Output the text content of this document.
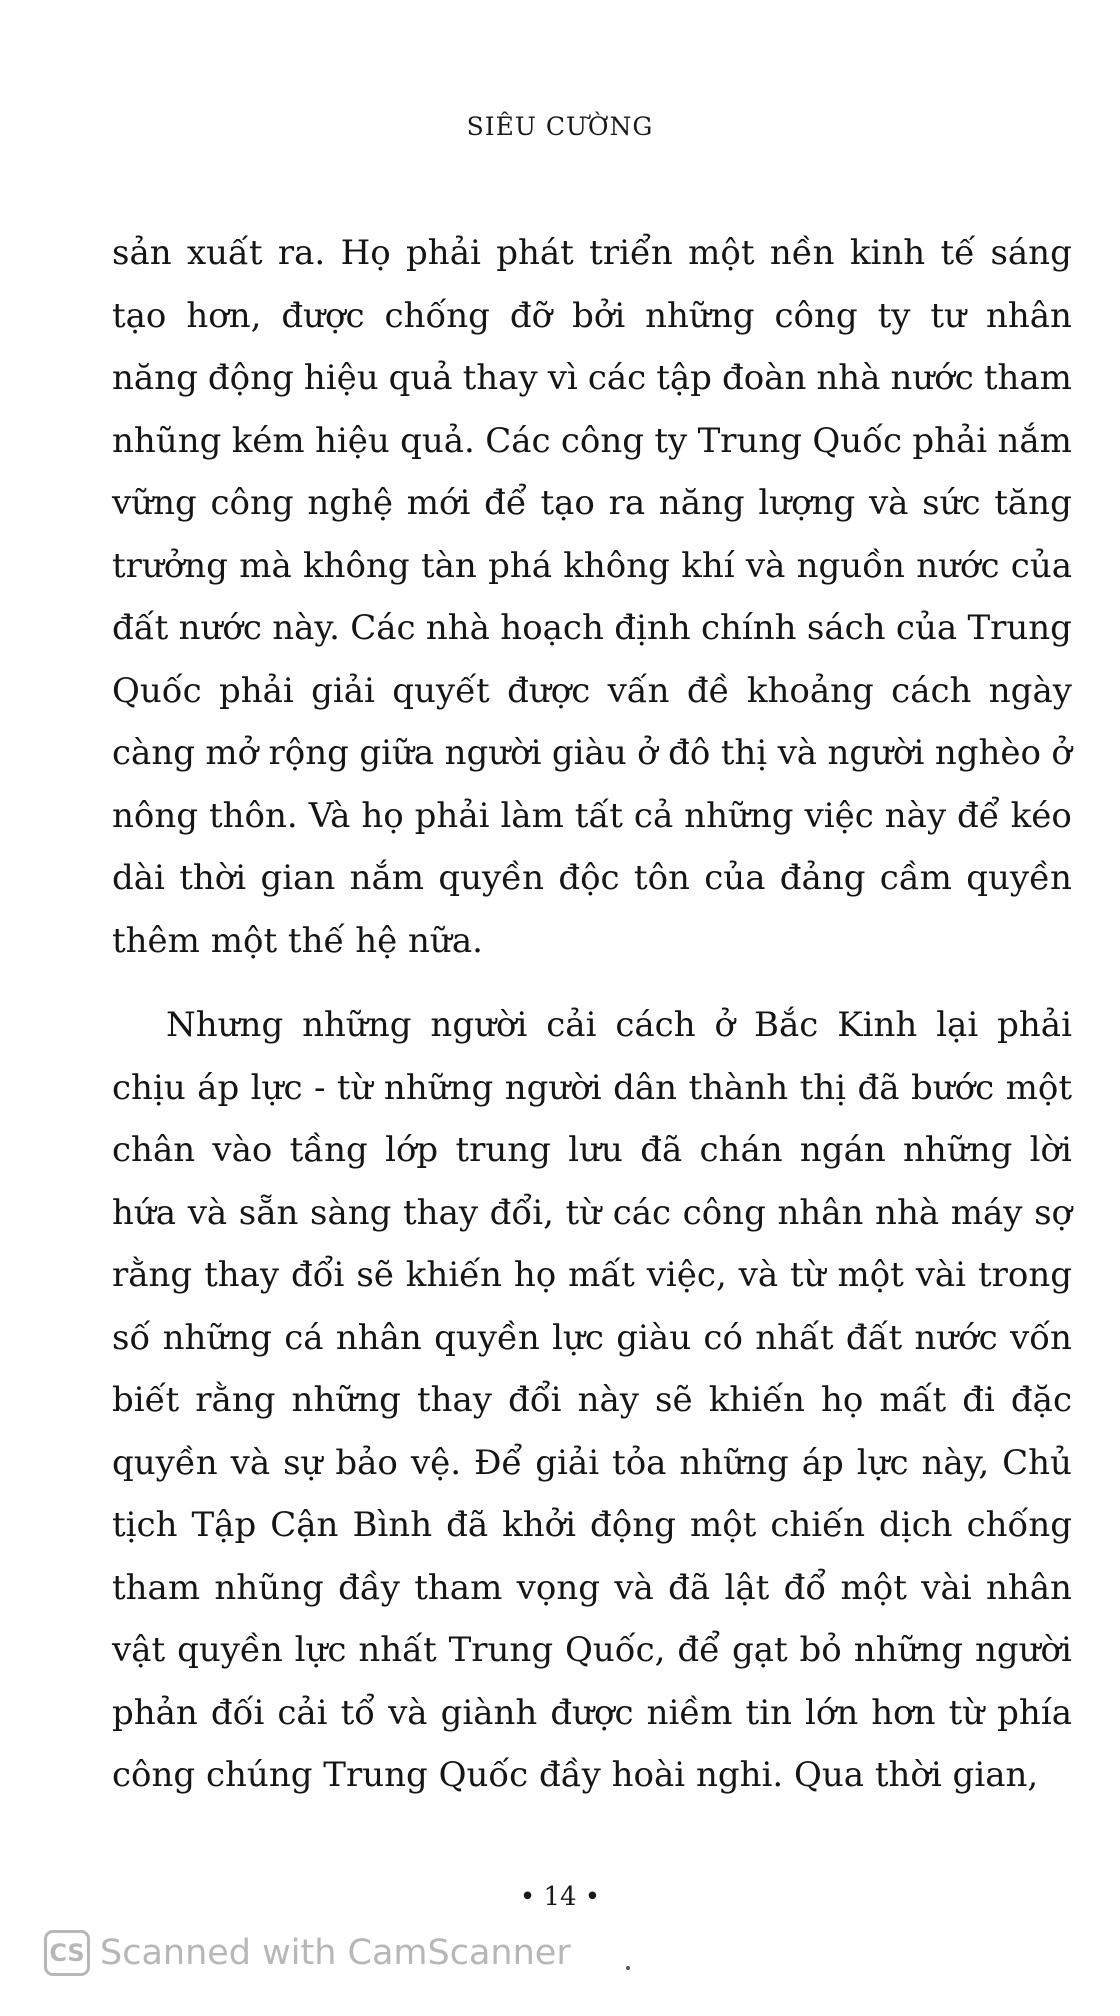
SIÊU CƯỜNG
sản xuất ra. Họ phải phát triển một nền kinh tế sáng
tạo hơn, được chống đỡ bởi những công ty tư nhân
năng động hiệu quả thay vì các tập đoàn nhà nước tham
nhũng kém hiệu quả. Các công ty Trung Quốc phải nắm
vững công nghệ mới để tạo ra năng lượng và sức tăng
trưởng mà không tàn phá không khí và nguồn nước của
đất nước này. Các nhà hoạch định chính sách của Trung
Quốc phải giải quyết được vấn đề khoảng cách ngày
càng mở rộng giữa người giàu ở đô thị và người nghèo ở
nông thôn. Và họ phải làm tất cả những việc này để kéo
dài thời gian nắm quyền độc tôn của đảng cầm quyền
thêm một thế hệ nữa.
Nhưng những người cải cách ở Bắc Kinh lại phải
chịu áp lực - từ những người dân thành thị đã bước một
chân vào tầng lớp trung lưu đã chán ngán những lời
hứa và sẵn sàng thay đổi, từ các công nhân nhà máy sợ
rằng thay đổi sẽ khiến họ mất việc, và từ một vài trong
số những cá nhân quyền lực giàu có nhất đất nước vốn
biết rằng những thay đổi này sẽ khiến họ mất đi đặc
quyền và sự bảo vệ. Để giải tỏa những áp lực này, Chủ
tịch Tập Cận Bình đã khởi động một chiến dịch chống
tham nhũng đầy tham vọng và đã lật đổ một vài nhân
vật quyền lực nhất Trung Quốc, để gạt bỏ những người
phản đối cải tổ và giành được niềm tin lớn hơn từ phía
công chúng Trung Quốc đầy hoài nghi. Qua thời gian,
• 14 •
CS Scanned with CamScanner
